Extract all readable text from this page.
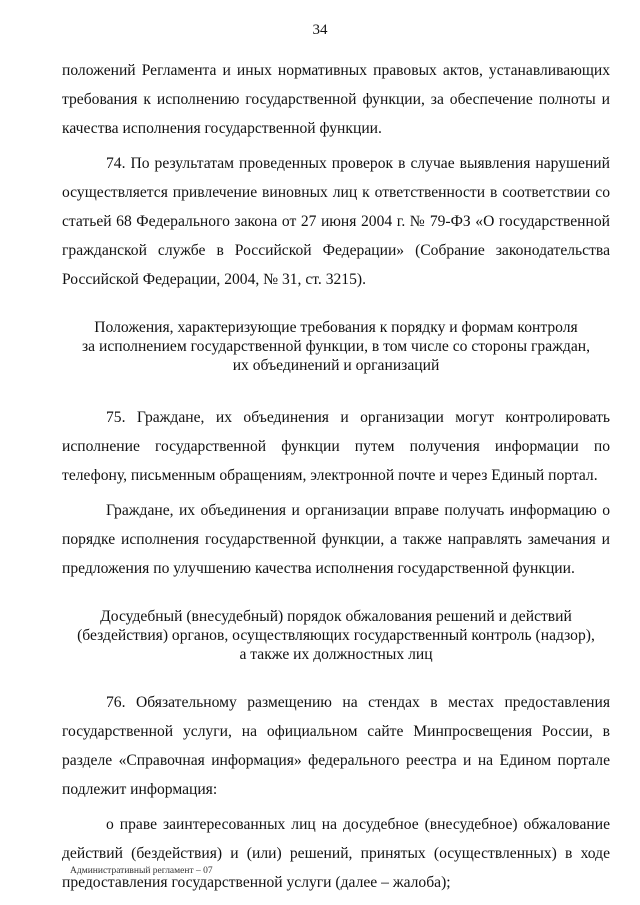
34

положений Регламента и иных нормативных правовых актов, устанавливающих требования к исполнению государственной функции, за обеспечение полноты и качества исполнения государственной функции.

74. По результатам проведенных проверок в случае выявления нарушений осуществляется привлечение виновных лиц к ответственности в соответствии со статьей 68 Федерального закона от 27 июня 2004 г. № 79-ФЗ «О государственной гражданской службе в Российской Федерации» (Собрание законодательства Российской Федерации, 2004, № 31, ст. 3215).

Положения, характеризующие требования к порядку и формам контроля
за исполнением государственной функции, в том числе со стороны граждан,
их объединений и организаций

75. Граждане, их объединения и организации могут контролировать исполнение государственной функции путем получения информации по телефону, письменным обращениям, электронной почте и через Единый портал.

Граждане, их объединения и организации вправе получать информацию о порядке исполнения государственной функции, а также направлять замечания и предложения по улучшению качества исполнения государственной функции.

Досудебный (внесудебный) порядок обжалования решений и действий
(бездействия) органов, осуществляющих государственный контроль (надзор),
а также их должностных лиц

76. Обязательному размещению на стендах в местах предоставления государственной услуги, на официальном сайте Минпросвещения России, в разделе «Справочная информация» федерального реестра и на Едином портале подлежит информация:

о праве заинтересованных лиц на досудебное (внесудебное) обжалование действий (бездействия) и (или) решений, принятых (осуществленных) в ходе предоставления государственной услуги (далее – жалоба);

Административный регламент – 07
